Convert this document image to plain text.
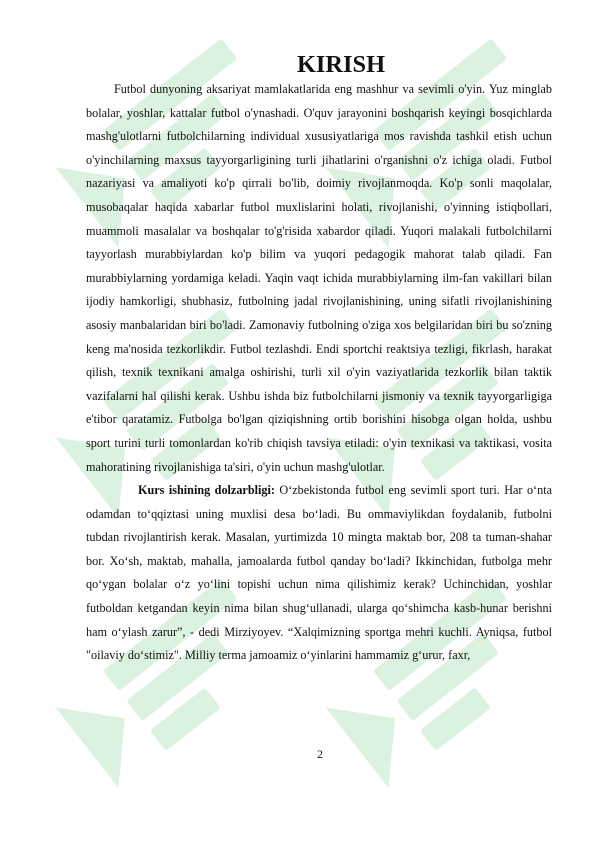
KIRISH

Futbol dunyoning aksariyat mamlakatlarida eng mashhur va sevimli o'yin. Yuz minglab bolalar, yoshlar, kattalar futbol o'ynashadi. O'quv jarayonini boshqarish keyingi bosqichlarda mashg'ulotlarni futbolchilarning individual xususiyatlariga mos ravishda tashkil etish uchun o'yinchilarning maxsus tayyorgarligining turli jihatlarini o'rganishni o'z ichiga oladi. Futbol nazariyasi va amaliyoti ko'p qirrali bo'lib, doimiy rivojlanmoqda. Ko'p sonli maqolalar, musobaqalar haqida xabarlar futbol muxlislarini holati, rivojlanishi, o'yinning istiqbollari, muammoli masalalar va boshqalar to'g'risida xabardor qiladi. Yuqori malakali futbolchilarni tayyorlash murabbiylardan ko'p bilim va yuqori pedagogik mahorat talab qiladi. Fan murabbiylarning yordamiga keladi. Yaqin vaqt ichida murabbiylarning ilm-fan vakillari bilan ijodiy hamkorligi, shubhasiz, futbolning jadal rivojlanishining, uning sifatli rivojlanishining asosiy manbalaridan biri bo'ladi. Zamonaviy futbolning o'ziga xos belgilaridan biri bu so'zning keng ma'nosida tezkorlikdir. Futbol tezlashdi. Endi sportchi reaktsiya tezligi, fikrlash, harakat qilish, texnik texnikani amalga oshirishi, turli xil o'yin vaziyatlarida tezkorlik bilan taktik vazifalarni hal qilishi kerak. Ushbu ishda biz futbolchilarni jismoniy va texnik tayyorgarligiga e'tibor qaratamiz. Futbolga bo'lgan qiziqishning ortib borishini hisobga olgan holda, ushbu sport turini turli tomonlardan ko'rib chiqish tavsiya etiladi: o'yin texnikasi va taktikasi, vosita mahoratining rivojlanishiga ta'siri, o'yin uchun mashg'ulotlar.

Kurs ishining dolzarbligi: O‘zbekistonda futbol eng sevimli sport turi. Har o‘nta odamdan to‘qqiztasi uning muxlisi desa bo‘ladi. Bu ommaviylikdan foydalanib, futbolni tubdan rivojlantirish kerak. Masalan, yurtimizda 10 mingta maktab bor, 208 ta tuman-shahar bor. Xo‘sh, maktab, mahalla, jamoalarda futbol qanday bo‘ladi? Ikkinchidan, futbolga mehr qo‘ygan bolalar o‘z yo‘lini topishi uchun nima qilishimiz kerak? Uchinchidan, yoshlar futboldan ketgandan keyin nima bilan shug‘ullanadi, ularga qo‘shimcha kasb-hunar berishni ham o‘ylash zarur”, - dedi Mirziyoyev. “Xalqimizning sportga mehri kuchli. Ayniqsa, futbol "oilaviy do‘stimiz". Milliy terma jamoamiz o‘yinlarini hammamiz g‘urur, faxr,

2
